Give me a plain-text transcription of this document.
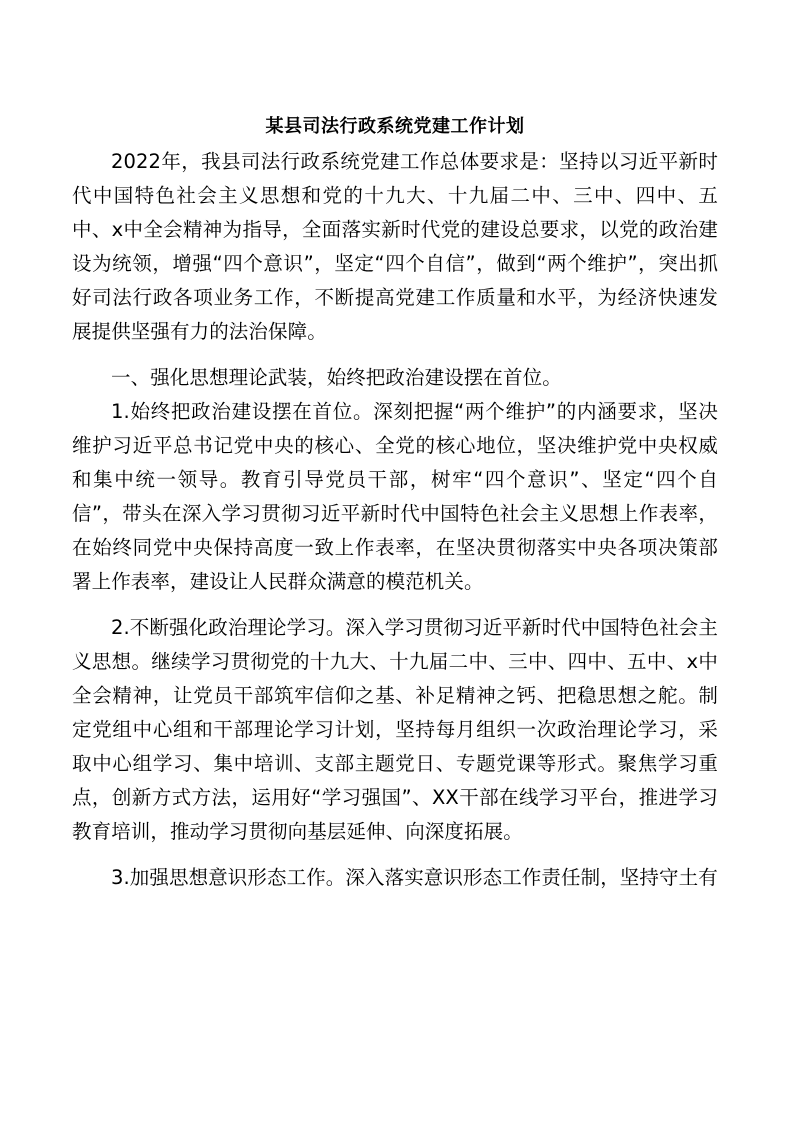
某县司法行政系统党建工作计划

2022年，我县司法行政系统党建工作总体要求是：坚持以习近平新时代中国特色社会主义思想和党的十九大、十九届二中、三中、四中、五中、x中全会精神为指导，全面落实新时代党的建设总要求，以党的政治建设为统领，增强“四个意识”，坚定“四个自信”，做到“两个维护”，突出抓好司法行政各项业务工作，不断提高党建工作质量和水平，为经济快速发展提供坚强有力的法治保障。

一、强化思想理论武装，始终把政治建设摆在首位。

1.始终把政治建设摆在首位。深刻把握“两个维护”的内涵要求，坚决维护习近平总书记党中央的核心、全党的核心地位，坚决维护党中央权威和集中统一领导。教育引导党员干部，树牢“四个意识”、坚定“四个自信”，带头在深入学习贯彻习近平新时代中国特色社会主义思想上作表率，在始终同党中央保持高度一致上作表率，在坚决贯彻落实中央各项决策部署上作表率，建设让人民群众满意的模范机关。

2.不断强化政治理论学习。深入学习贯彻习近平新时代中国特色社会主义思想。继续学习贯彻党的十九大、十九届二中、三中、四中、五中、x中全会精神，让党员干部筑牢信仰之基、补足精神之钙、把稳思想之舵。制定党组中心组和干部理论学习计划，坚持每月组织一次政治理论学习，采取中心组学习、集中培训、支部主题党日、专题党课等形式。聚焦学习重点，创新方式方法，运用好“学习强国”、XX干部在线学习平台，推进学习教育培训，推动学习贯彻向基层延伸、向深度拓展。

3.加强思想意识形态工作。深入落实意识形态工作责任制，坚持守土有
